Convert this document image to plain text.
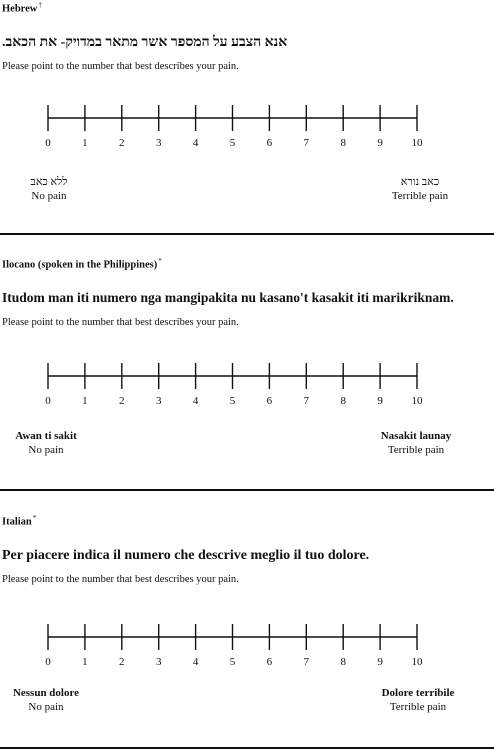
Hebrew†
אנא הצבע על המספר אשר מתאר במדויק- את הכאב.
Please point to the number that best describes your pain.
0	1	2	3	4	5	6	7	8	9	10
ללא כאב
No pain
כאב נורא
Terrible pain
Ilocano (spoken in the Philippines)*
Itudom man iti numero nga mangipakita nu kasano't kasakit iti marikriknam.
Please point to the number that best describes your pain.
0	1	2	3	4	5	6	7	8	9	10
Awan ti sakit
No pain
Nasakit launay
Terrible pain
Italian*
Per piacere indica il numero che descrive meglio il tuo dolore.
Please point to the number that best describes your pain.
0	1	2	3	4	5	6	7	8	9	10
Nessun dolore
No pain
Dolore terribile
Terrible pain
